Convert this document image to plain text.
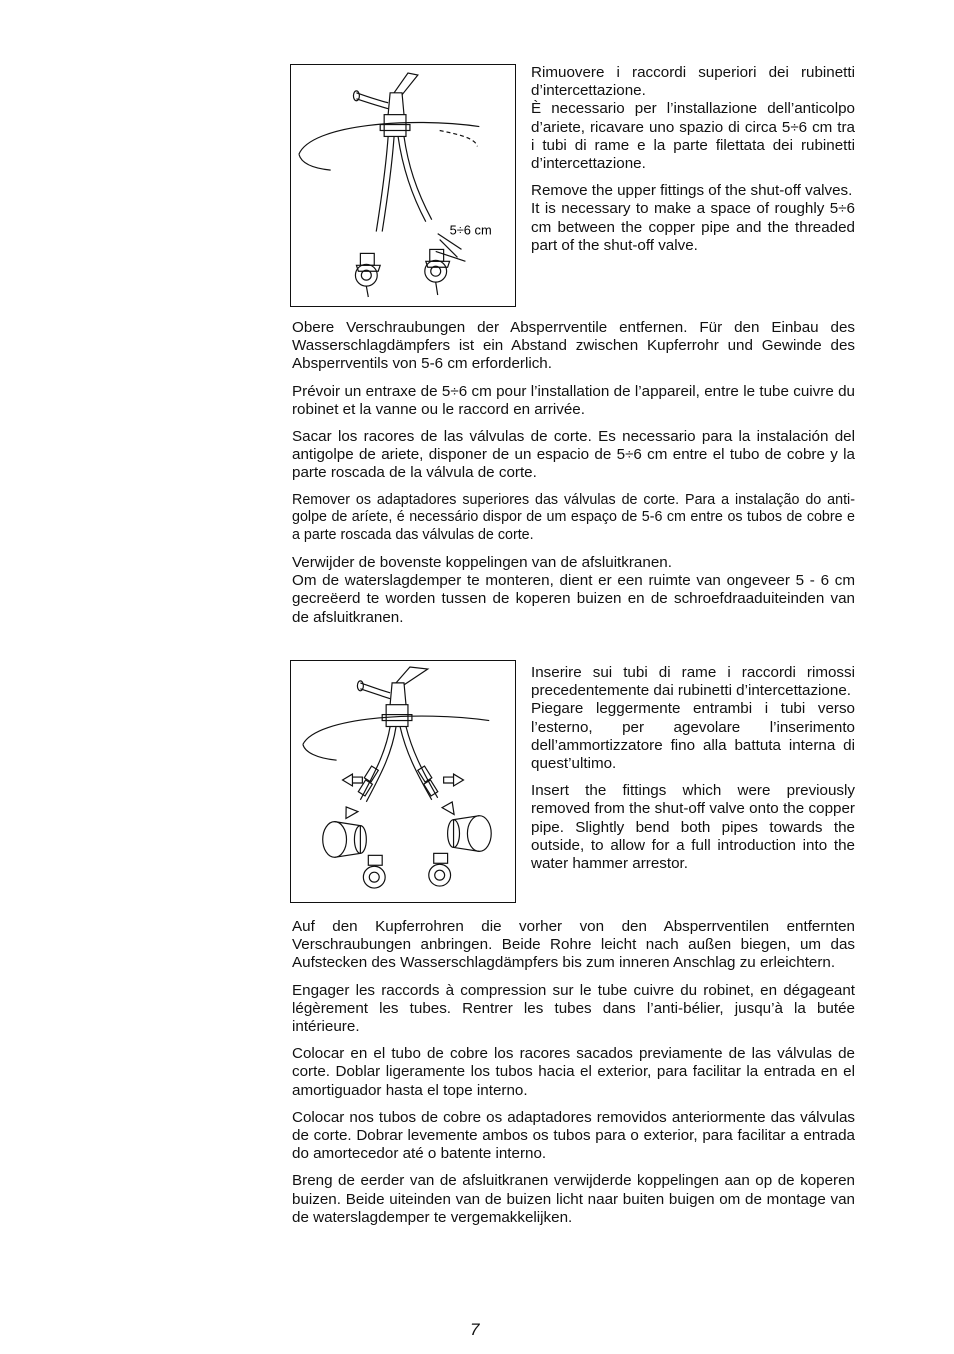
5÷6 cm

Rimuovere i raccordi superiori dei rubinetti d’intercettazione.
È necessario per l’installazione dell’anticolpo d’ariete, ricavare uno spazio di circa 5÷6 cm tra i tubi di rame e la parte filettata dei rubinetti d’intercettazione.

Remove the upper fittings of the shut-off valves.
It is necessary to make a space of roughly 5÷6 cm between the copper pipe and the threaded part of the shut-off valve.

Obere Verschraubungen der Absperrventile entfernen. Für den Einbau des Wasserschlagdämpfers ist ein Abstand zwischen Kupferrohr und Gewinde des Absperrventils von 5-6 cm erforderlich.

Prévoir un entraxe de 5÷6 cm pour l’installation de l’appareil, entre le tube cuivre du robinet et la vanne ou le raccord en arrivée.

Sacar los racores de las válvulas de corte. Es necessario para la instalación del antigolpe de ariete, disponer de un espacio de 5÷6 cm entre el tubo de cobre y la parte roscada de la válvula de corte.

Remover os adaptadores superiores das válvulas de corte. Para a instalação do anti-golpe de aríete, é necessário dispor de um espaço de 5-6 cm entre os tubos de cobre e a parte roscada das válvulas de corte.

Verwijder de bovenste koppelingen van de afsluitkranen.
Om de waterslagdemper te monteren, dient er een ruimte van ongeveer 5 - 6 cm gecreëerd te worden tussen de koperen buizen en de schroefdraaduiteinden van de afsluitkranen.

Inserire sui tubi di rame i raccordi rimossi precedentemente dai rubinetti d’intercettazione.
Piegare leggermente entrambi i tubi verso l’esterno, per agevolare l’inserimento dell’ammortizzatore fino alla battuta interna di quest’ultimo.

Insert the fittings which were previously removed from the shut-off valve onto the copper pipe. Slightly bend both pipes towards the outside, to allow for a full introduction into the water hammer arrestor.

Auf den Kupferrohren die vorher von den Absperrventilen entfernten Verschraubungen anbringen. Beide Rohre leicht nach außen biegen, um das Aufstecken des Wasserschlagdämpfers bis zum inneren Anschlag zu erleichtern.

Engager les raccords à compression sur le tube cuivre du robinet, en dégageant légèrement les tubes. Rentrer les tubes dans l’anti-bélier, jusqu’à la butée intérieure.

Colocar en el tubo de cobre los racores sacados previamente de las válvulas de corte. Doblar ligeramente los tubos hacia el exterior, para facilitar la entrada en el amortiguador hasta el tope interno.

Colocar nos tubos de cobre os adaptadores removidos anteriormente das válvulas de corte. Dobrar levemente ambos os tubos para o exterior, para facilitar a entrada do amortecedor até o batente interno.

Breng de eerder van de afsluitkranen verwijderde koppelingen aan op de koperen buizen. Beide uiteinden van de buizen licht naar buiten buigen om de montage van de waterslagdemper te vergemakkelijken.

7
